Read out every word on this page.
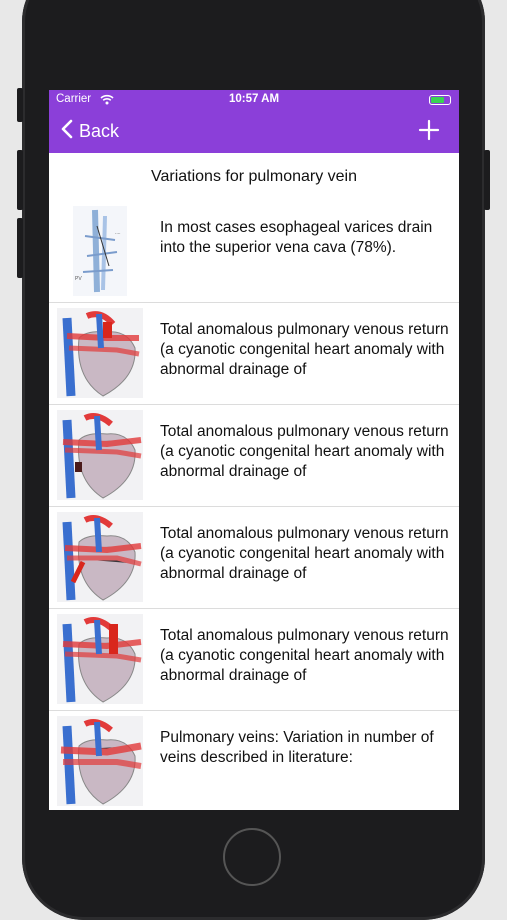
Carrier	10:57 AM
Back
Variations for pulmonary vein
....
PV
In most cases esophageal varices drain into the superior vena cava (78%).
Total anomalous pulmonary venous return (a cyanotic congenital heart anomaly with abnormal drainage of
Total anomalous pulmonary venous return (a cyanotic congenital heart anomaly with abnormal drainage of
Total anomalous pulmonary venous return (a cyanotic congenital heart anomaly with abnormal drainage of
Total anomalous pulmonary venous return (a cyanotic congenital heart anomaly with abnormal drainage of
Pulmonary veins: Variation in number of veins described in literature:
